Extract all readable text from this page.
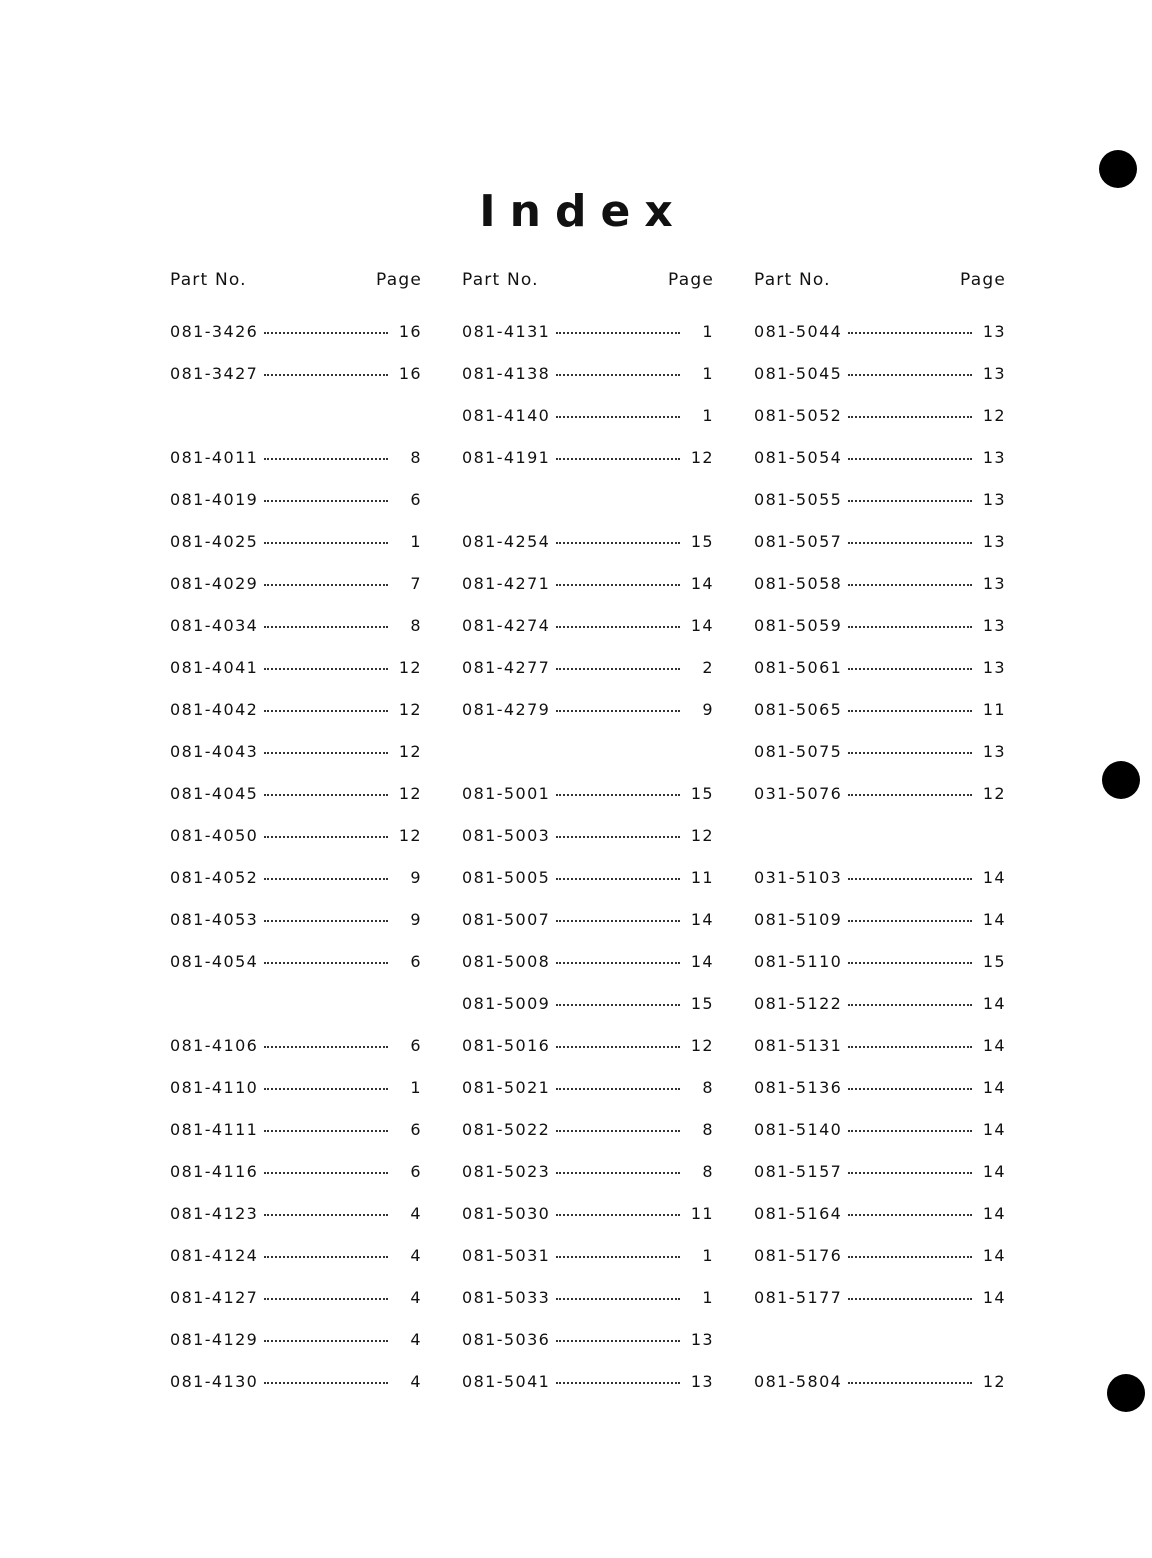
Index
Part No.	Page
081-3426	16
081-3427	16
081-4011	8
081-4019	6
081-4025	1
081-4029	7
081-4034	8
081-4041	12
081-4042	12
081-4043	12
081-4045	12
081-4050	12
081-4052	9
081-4053	9
081-4054	6
081-4106	6
081-4110	1
081-4111	6
081-4116	6
081-4123	4
081-4124	4
081-4127	4
081-4129	4
081-4130	4
Part No.	Page
081-4131	1
081-4138	1
081-4140	1
081-4191	12
081-4254	15
081-4271	14
081-4274	14
081-4277	2
081-4279	9
081-5001	15
081-5003	12
081-5005	11
081-5007	14
081-5008	14
081-5009	15
081-5016	12
081-5021	8
081-5022	8
081-5023	8
081-5030	11
081-5031	1
081-5033	1
081-5036	13
081-5041	13
Part No.	Page
081-5044	13
081-5045	13
081-5052	12
081-5054	13
081-5055	13
081-5057	13
081-5058	13
081-5059	13
081-5061	13
081-5065	11
081-5075	13
031-5076	12
031-5103	14
081-5109	14
081-5110	15
081-5122	14
081-5131	14
081-5136	14
081-5140	14
081-5157	14
081-5164	14
081-5176	14
081-5177	14
081-5804	12
